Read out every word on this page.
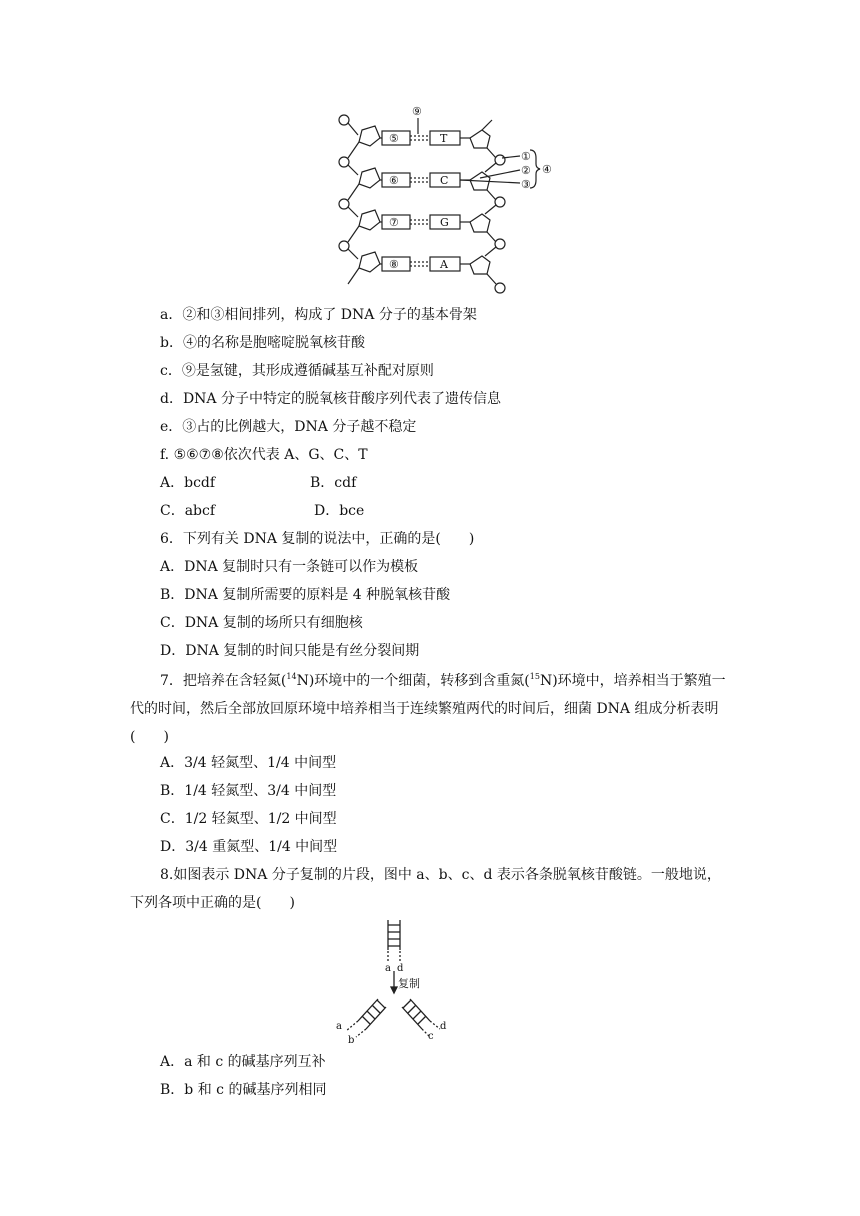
⑤
⑥
⑦
⑧
T
C
G
A
⑨
①
②
③
④
a．②和③相间排列，构成了 DNA 分子的基本骨架
b．④的名称是胞嘧啶脱氧核苷酸
c．⑨是氢键，其形成遵循碱基互补配对原则
d．DNA 分子中特定的脱氧核苷酸序列代表了遗传信息
e．③占的比例越大，DNA 分子越不稳定
f. ⑤⑥⑦⑧依次代表 A、G、C、T
A．bcdf	B．cdf
C．abcf	D．bce
6．下列有关 DNA 复制的说法中，正确的是(　　)
A．DNA 复制时只有一条链可以作为模板
B．DNA 复制所需要的原料是 4 种脱氧核苷酸
C．DNA 复制的场所只有细胞核
D．DNA 复制的时间只能是有丝分裂间期
7．把培养在含轻氮($^{14}$N)环境中的一个细菌，转移到含重氮($^{15}$N)环境中，培养相当于繁殖一代的时间，然后全部放回原环境中培养相当于连续繁殖两代的时间后，细菌 DNA 组成分析表明(　　)
A．3/4 轻氮型、1/4 中间型
B．1/4 轻氮型、3/4 中间型
C．1/2 轻氮型、1/2 中间型
D．3/4 重氮型、1/4 中间型
8.如图表示 DNA 分子复制的片段，图中 a、b、c、d 表示各条脱氧核苷酸链。一般地说，下列各项中正确的是(　　)
a d
复制
a
b	c
d
A．a 和 c 的碱基序列互补
B．b 和 c 的碱基序列相同
